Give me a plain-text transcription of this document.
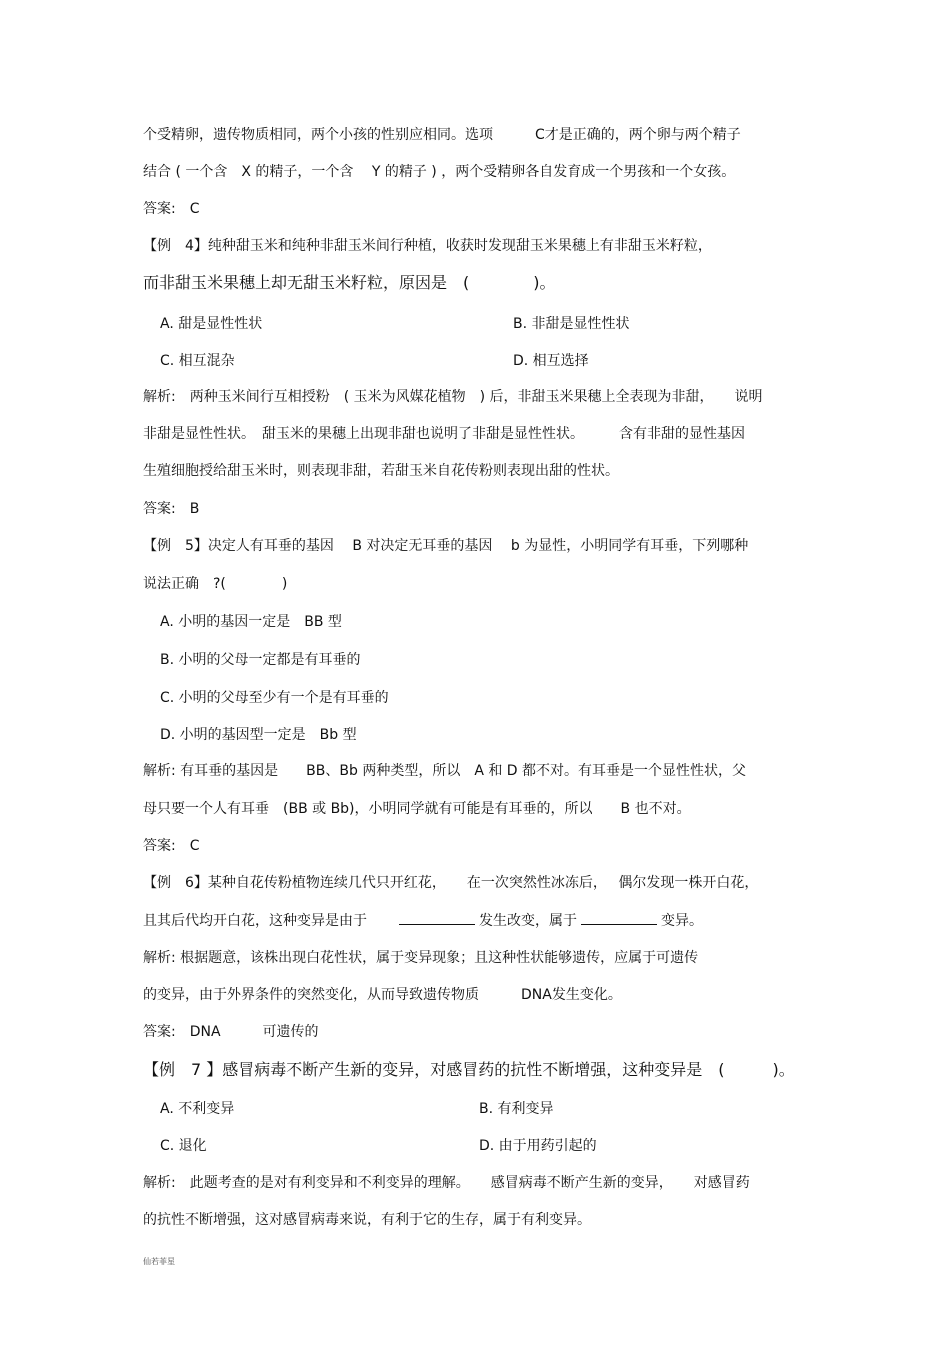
个受精卵，遗传物质相同，两个小孩的性别应相同。选项　　　C才是正确的，两个卵与两个精子
结合 ( 一个含　X 的精子，一个含　 Y 的精子 ) ，两个受精卵各自发育成一个男孩和一个女孩。
答案:　C
【例　4】纯种甜玉米和纯种非甜玉米间行种植，收获时发现甜玉米果穗上有非甜玉米籽粒，
而非甜玉米果穗上却无甜玉米籽粒，原因是　(　　　　)。
A. 甜是显性性状	B. 非甜是显性性状
C. 相互混杂	D. 相互选择
解析:　两种玉米间行互相授粉　( 玉米为风媒花植物　) 后，非甜玉米果穗上全表现为非甜，　　说明
非甜是显性性状。　甜玉米的果穗上出现非甜也说明了非甜是显性性状。　　　含有非甜的显性基因
生殖细胞授给甜玉米时，则表现非甜，若甜玉米自花传粉则表现出甜的性状。
答案:　B
【例　5】决定人有耳垂的基因　 B 对决定无耳垂的基因　 b 为显性，小明同学有耳垂，下列哪种
说法正确　?(　　　　)
A. 小明的基因一定是　BB 型
B. 小明的父母一定都是有耳垂的
C. 小明的父母至少有一个是有耳垂的
D. 小明的基因型一定是　Bb 型
解析: 有耳垂的基因是　　BB、Bb 两种类型，所以　A 和 D 都不对。有耳垂是一个显性性状，父
母只要一个人有耳垂　(BB 或 Bb)，小明同学就有可能是有耳垂的，所以　　B 也不对。
答案:　C
【例　6】某种自花传粉植物连续几代只开红花，　　在一次突然性冰冻后，　 偶尔发现一株开白花，
且其后代均开白花，这种变异是由于　　	发生改变，属于	变异。
解析: 根据题意，该株出现白花性状，属于变异现象；且这种性状能够遗传，应属于可遗传
的变异，由于外界条件的突然变化，从而导致遗传物质　　　DNA发生变化。
答案:　DNA　　　可遗传的
【例　7 】感冒病毒不断产生新的变异，对感冒药的抗性不断增强，这种变异是　(　　　)。
A. 不利变异	B. 有利变异
C. 退化	D. 由于用药引起的
解析:　此题考查的是对有利变异和不利变异的理解。　　感冒病毒不断产生新的变异，　　对感冒药
的抗性不断增强，这对感冒病毒来说，有利于它的生存，属于有利变异。
仙若菲星
